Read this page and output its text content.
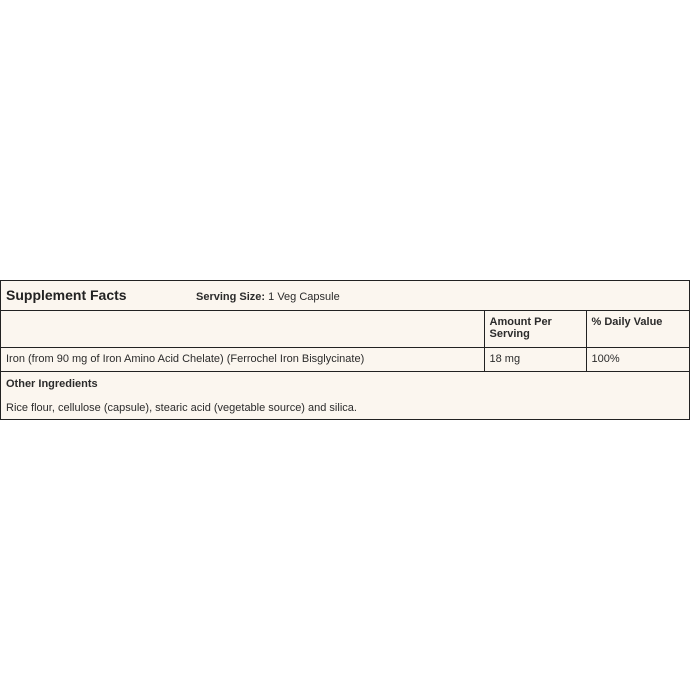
Supplement Facts Serving Size: 1 Veg Capsule		
	Amount Per Serving	% Daily Value
Iron (from 90 mg of Iron Amino Acid Chelate) (Ferrochel Iron Bisglycinate)	18 mg	100%
Other Ingredients
Rice flour, cellulose (capsule), stearic acid (vegetable source) and silica.
